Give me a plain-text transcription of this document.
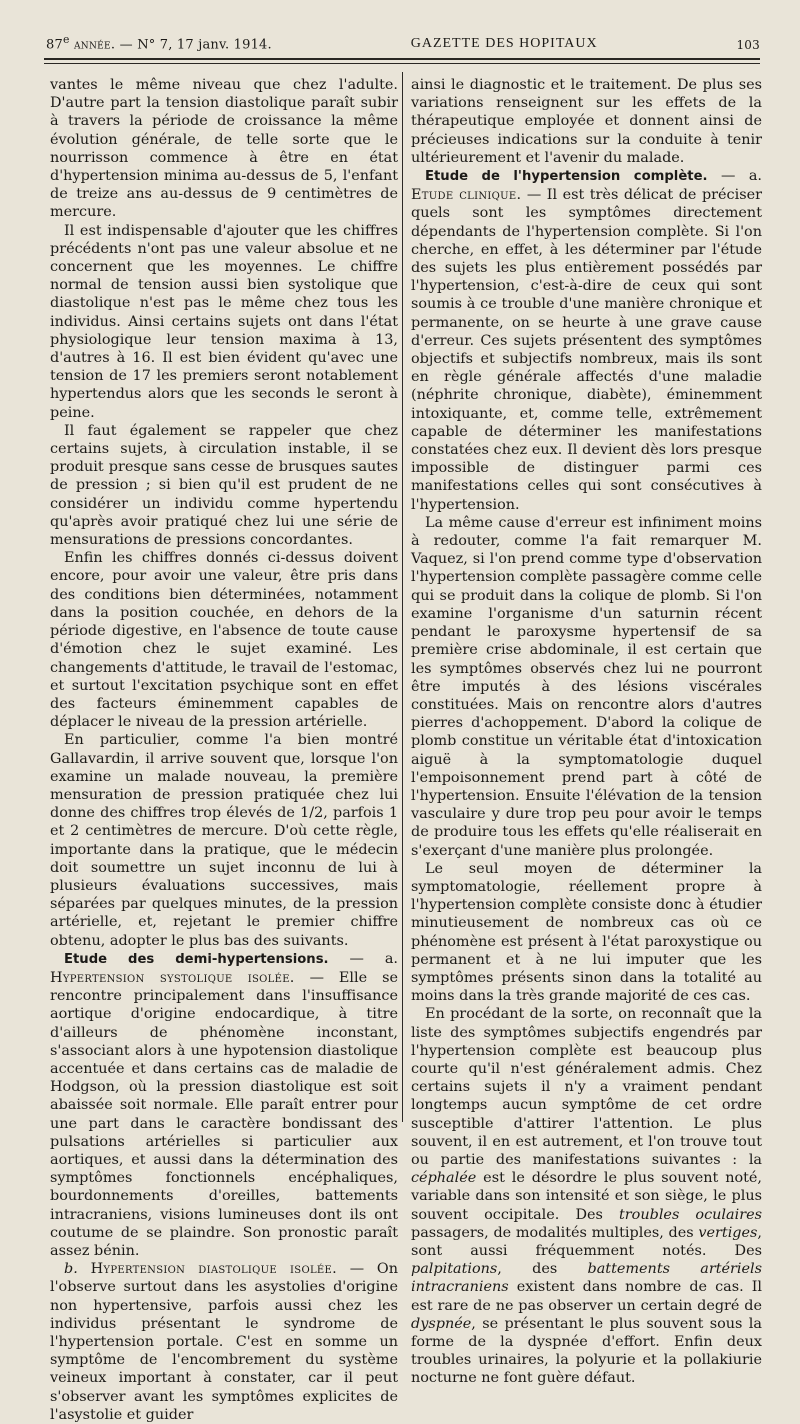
87e année. — N° 7, 17 janv. 1914.	GAZETTE DES HOPITAUX	103

vantes le même niveau que chez l'adulte. D'autre part la tension diastolique paraît subir à travers la période de croissance la même évolution générale, de telle sorte que le nourrisson commence à être en état d'hypertension minima au-dessus de 5, l'enfant de treize ans au-dessus de 9 centimètres de mercure.

Il est indispensable d'ajouter que les chiffres précédents n'ont pas une valeur absolue et ne concernent que les moyennes. Le chiffre normal de tension aussi bien systolique que diastolique n'est pas le même chez tous les individus. Ainsi certains sujets ont dans l'état physiologique leur tension maxima à 13, d'autres à 16. Il est bien évident qu'avec une tension de 17 les premiers seront notablement hypertendus alors que les seconds le seront à peine.

Il faut également se rappeler que chez certains sujets, à circulation instable, il se produit presque sans cesse de brusques sautes de pression ; si bien qu'il est prudent de ne considérer un individu comme hypertendu qu'après avoir pratiqué chez lui une série de mensurations de pressions concordantes.

Enfin les chiffres donnés ci-dessus doivent encore, pour avoir une valeur, être pris dans des conditions bien déterminées, notamment dans la position couchée, en dehors de la période digestive, en l'absence de toute cause d'émotion chez le sujet examiné. Les changements d'attitude, le travail de l'estomac, et surtout l'excitation psychique sont en effet des facteurs éminemment capables de déplacer le niveau de la pression artérielle.

En particulier, comme l'a bien montré Gallavardin, il arrive souvent que, lorsque l'on examine un malade nouveau, la première mensuration de pression pratiquée chez lui donne des chiffres trop élevés de 1/2, parfois 1 et 2 centimètres de mercure. D'où cette règle, importante dans la pratique, que le médecin doit soumettre un sujet inconnu de lui à plusieurs évaluations successives, mais séparées par quelques minutes, de la pression artérielle, et, rejetant le premier chiffre obtenu, adopter le plus bas des suivants.

Etude des demi-hypertensions. — a. Hypertension systolique isolée. — Elle se rencontre principalement dans l'insuffisance aortique d'origine endocardique, à titre d'ailleurs de phénomène inconstant, s'associant alors à une hypotension diastolique accentuée et dans certains cas de maladie de Hodgson, où la pression diastolique est soit abaissée soit normale. Elle paraît entrer pour une part dans le caractère bondissant des pulsations artérielles si particulier aux aortiques, et aussi dans la détermination des symptômes fonctionnels encéphaliques, bourdonnements d'oreilles, battements intracraniens, visions lumineuses dont ils ont coutume de se plaindre. Son pronostic paraît assez bénin.

b. Hypertension diastolique isolée. — On l'observe surtout dans les asystolies d'origine non hypertensive, parfois aussi chez les individus présentant le syndrome de l'hypertension portale. C'est en somme un symptôme de l'encombrement du système veineux important à constater, car il peut s'observer avant les symptômes explicites de l'asystolie et guider

ainsi le diagnostic et le traitement. De plus ses variations renseignent sur les effets de la thérapeutique employée et donnent ainsi de précieuses indications sur la conduite à tenir ultérieurement et l'avenir du malade.

Etude de l'hypertension complète. — a. Etude clinique. — Il est très délicat de préciser quels sont les symptômes directement dépendants de l'hypertension complète. Si l'on cherche, en effet, à les déterminer par l'étude des sujets les plus entièrement possédés par l'hypertension, c'est-à-dire de ceux qui sont soumis à ce trouble d'une manière chronique et permanente, on se heurte à une grave cause d'erreur. Ces sujets présentent des symptômes objectifs et subjectifs nombreux, mais ils sont en règle générale affectés d'une maladie (néphrite chronique, diabète), éminemment intoxiquante, et, comme telle, extrêmement capable de déterminer les manifestations constatées chez eux. Il devient dès lors presque impossible de distinguer parmi ces manifestations celles qui sont consécutives à l'hypertension.

La même cause d'erreur est infiniment moins à redouter, comme l'a fait remarquer M. Vaquez, si l'on prend comme type d'observation l'hypertension complète passagère comme celle qui se produit dans la colique de plomb. Si l'on examine l'organisme d'un saturnin récent pendant le paroxysme hypertensif de sa première crise abdominale, il est certain que les symptômes observés chez lui ne pourront être imputés à des lésions viscérales constituées. Mais on rencontre alors d'autres pierres d'achoppement. D'abord la colique de plomb constitue un véritable état d'intoxication aiguë à la symptomatologie duquel l'empoisonnement prend part à côté de l'hypertension. Ensuite l'élévation de la tension vasculaire y dure trop peu pour avoir le temps de produire tous les effets qu'elle réaliserait en s'exerçant d'une manière plus prolongée.

Le seul moyen de déterminer la symptomatologie, réellement propre à l'hypertension complète consiste donc à étudier minutieusement de nombreux cas où ce phénomène est présent à l'état paroxystique ou permanent et à ne lui imputer que les symptômes présents sinon dans la totalité au moins dans la très grande majorité de ces cas.

En procédant de la sorte, on reconnaît que la liste des symptômes subjectifs engendrés par l'hypertension complète est beaucoup plus courte qu'il n'est généralement admis. Chez certains sujets il n'y a vraiment pendant longtemps aucun symptôme de cet ordre susceptible d'attirer l'attention. Le plus souvent, il en est autrement, et l'on trouve tout ou partie des manifestations suivantes : la céphalée est le désordre le plus souvent noté, variable dans son intensité et son siège, le plus souvent occipitale. Des troubles oculaires passagers, de modalités multiples, des vertiges, sont aussi fréquemment notés. Des palpitations, des battements artériels intracraniens existent dans nombre de cas. Il est rare de ne pas observer un certain degré de dyspnée, se présentant le plus souvent sous la forme de la dyspnée d'effort. Enfin deux troubles urinaires, la polyurie et la pollakiurie nocturne ne font guère défaut.
